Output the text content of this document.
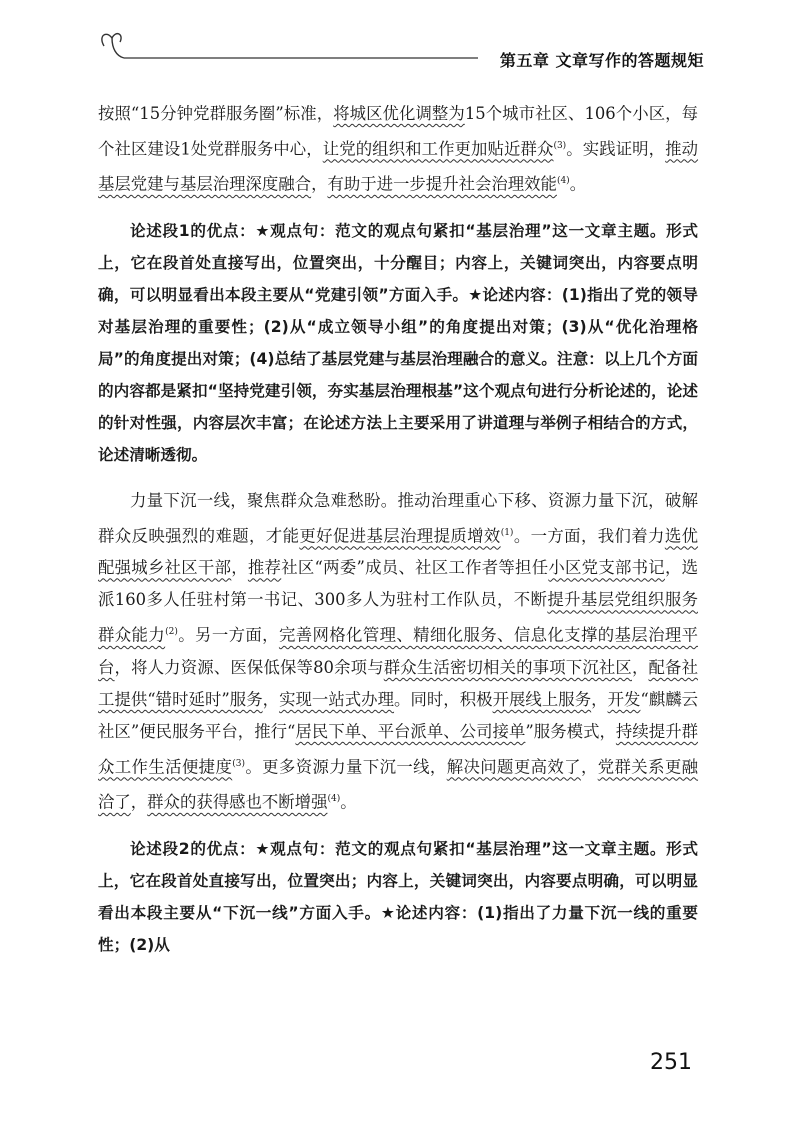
第五章 文章写作的答题规矩

按照“15分钟党群服务圈”标准，将城区优化调整为15个城市社区、106个小区，每个社区建设1处党群服务中心，让党的组织和工作更加贴近群众$^{(3)}$。实践证明，推动基层党建与基层治理深度融合，有助于进一步提升社会治理效能$^{(4)}$。

论述段1的优点：★观点句：范文的观点句紧扣“基层治理”这一文章主题。形式上，它在段首处直接写出，位置突出，十分醒目；内容上，关键词突出，内容要点明确，可以明显看出本段主要从“党建引领”方面入手。★论述内容：(1)指出了党的领导对基层治理的重要性；(2)从“成立领导小组”的角度提出对策；(3)从“优化治理格局”的角度提出对策；(4)总结了基层党建与基层治理融合的意义。注意：以上几个方面的内容都是紧扣“坚持党建引领，夯实基层治理根基”这个观点句进行分析论述的，论述的针对性强，内容层次丰富；在论述方法上主要采用了讲道理与举例子相结合的方式，论述清晰透彻。

力量下沉一线，聚焦群众急难愁盼。推动治理重心下移、资源力量下沉，破解群众反映强烈的难题，才能更好促进基层治理提质增效$^{(1)}$。一方面，我们着力选优配强城乡社区干部，推荐社区“两委”成员、社区工作者等担任小区党支部书记，选派160多人任驻村第一书记、300多人为驻村工作队员，不断提升基层党组织服务群众能力$^{(2)}$。另一方面，完善网格化管理、精细化服务、信息化支撑的基层治理平台，将人力资源、医保低保等80余项与群众生活密切相关的事项下沉社区，配备社工提供“错时延时”服务，实现一站式办理。同时，积极开展线上服务，开发“麒麟云社区”便民服务平台，推行“居民下单、平台派单、公司接单”服务模式，持续提升群众工作生活便捷度$^{(3)}$。更多资源力量下沉一线，解决问题更高效了，党群关系更融洽了，群众的获得感也不断增强$^{(4)}$。

论述段2的优点：★观点句：范文的观点句紧扣“基层治理”这一文章主题。形式上，它在段首处直接写出，位置突出；内容上，关键词突出，内容要点明确，可以明显看出本段主要从“下沉一线”方面入手。★论述内容：(1)指出了力量下沉一线的重要性；(2)从

251
